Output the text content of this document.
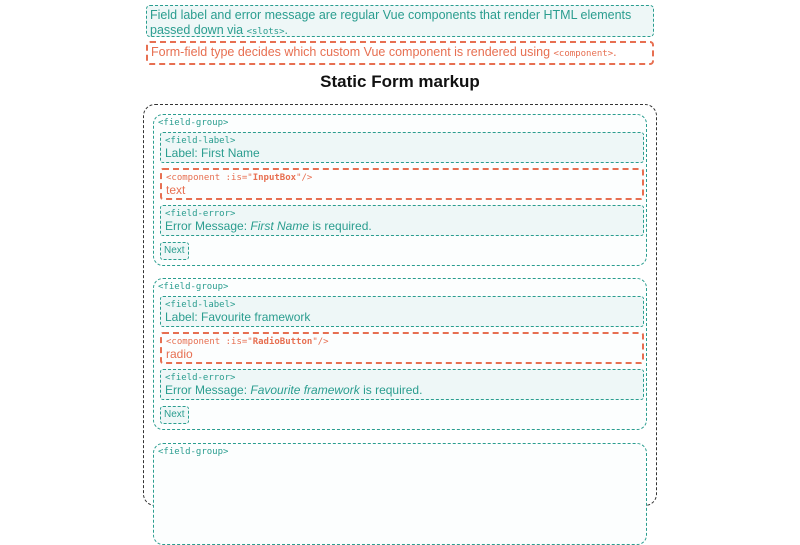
Field label and error message are regular Vue components that render HTML elements passed down via <slots>.
Form-field type decides which custom Vue component is rendered using <component>.
Static Form markup
<field-group>
<field-label>
Label: First Name
<component :is="InputBox"/>
text
<field-error>
Error Message: First Name is required.
Next
<field-group>
<field-label>
Label: Favourite framework
<component :is="RadioButton"/>
radio
<field-error>
Error Message: Favourite framework is required.
Next
<field-group>
